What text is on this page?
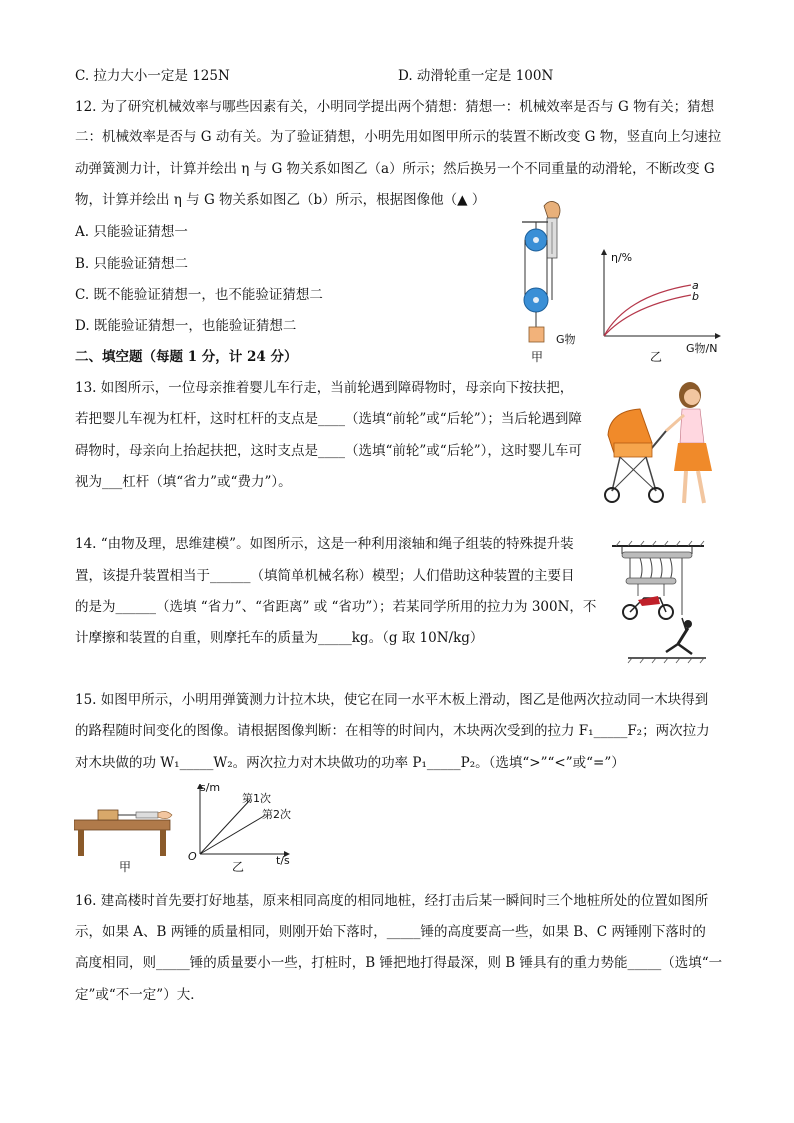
C. 拉力大小一定是 125N	D. 动滑轮重一定是 100N
12. 为了研究机械效率与哪些因素有关，小明同学提出两个猜想：猜想一：机械效率是否与 G 物有关；猜想
二：机械效率是否与 G 动有关。为了验证猜想，小明先用如图甲所示的装置不断改变 G 物，竖直向上匀速拉
动弹簧测力计，计算并绘出 η 与 G 物关系如图乙（a）所示；然后换另一个不同重量的动滑轮，不断改变 G
物，计算并绘出 η 与 G 物关系如图乙（b）所示，根据图像他（▲ ）
A. 只能验证猜想一
B. 只能验证猜想二
C. 既不能验证猜想一，也不能验证猜想二
D. 既能验证猜想一，也能验证猜想二
G物
甲
η/%
a
b
G物/N
乙
二、填空题（每题 1 分，计 24 分）
13. 如图所示，一位母亲推着婴儿车行走，当前轮遇到障碍物时，母亲向下按扶把，
若把婴儿车视为杠杆，这时杠杆的支点是____（选填“前轮”或“后轮”）；当后轮遇到障
碍物时，母亲向上抬起扶把，这时支点是____（选填“前轮”或“后轮”），这时婴儿车可
视为___杠杆（填“省力”或“费力”）。
14. “由物及理，思维建模”。如图所示，这是一种利用滚轴和绳子组装的特殊提升装
置，该提升装置相当于______（填简单机械名称）模型；人们借助这种装置的主要目
的是为______（选填 “省力”、“省距离” 或 “省功”）；若某同学所用的拉力为 300N，不
计摩擦和装置的自重，则摩托车的质量为_____kg。（g 取 10N/kg）
15. 如图甲所示，小明用弹簧测力计拉木块，使它在同一水平木板上滑动，图乙是他两次拉动同一木块得到
的路程随时间变化的图像。请根据图像判断：在相等的时间内，木块两次受到的拉力 F₁_____F₂；两次拉力
对木块做的功 W₁_____W₂。两次拉力对木块做功的功率 P₁_____P₂。（选填“>”“<”或“=”）
甲
s/m
第1次
第2次
O	t/s
乙
16. 建高楼时首先要打好地基，原来相同高度的相同地桩，经打击后某一瞬间时三个地桩所处的位置如图所
示，如果 A、B 两锤的质量相同，则刚开始下落时，_____锤的高度要高一些，如果 B、C 两锤刚下落时的
高度相同，则_____锤的质量要小一些，打桩时，B 锤把地打得最深，则 B 锤具有的重力势能_____（选填“一
定”或“不一定”）大．
